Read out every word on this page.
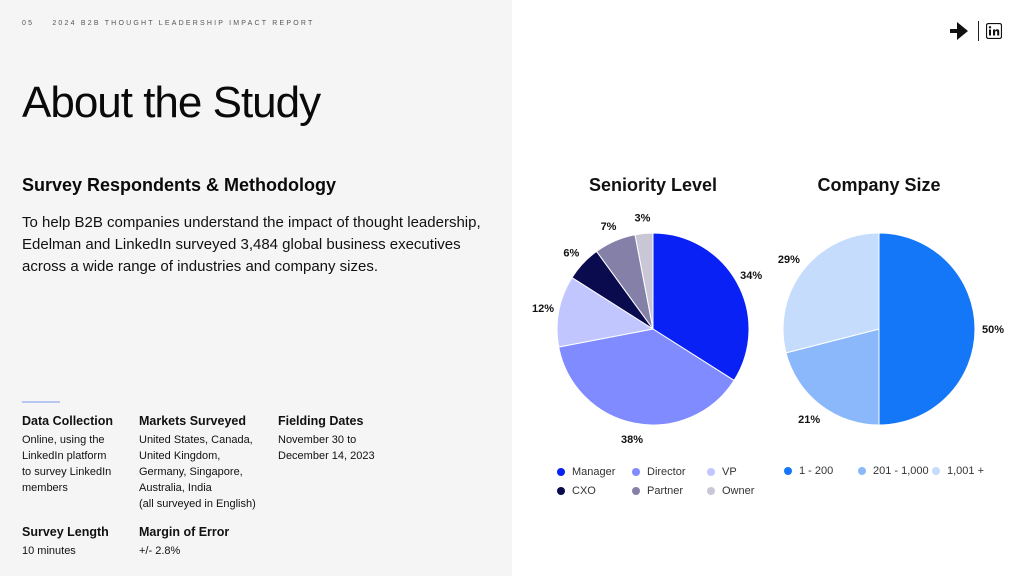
05	2024 B2B THOUGHT LEADERSHIP IMPACT REPORT
About the Study
Survey Respondents & Methodology
To help B2B companies understand the impact of thought leadership, Edelman and LinkedIn surveyed 3,484 global business executives across a wide range of industries and company sizes.
Data Collection
Online, using the
LinkedIn platform
to survey LinkedIn
members
Markets Surveyed
United States, Canada,
United Kingdom,
Germany, Singapore,
Australia, India
(all surveyed in English)
Fielding Dates
November 30 to
December 14, 2023
Survey Length
10 minutes
Margin of Error
+/- 2.8%
Seniority Level	Company Size
34%
38%
12%
6%
7%
3%
50%
21%
29%
Manager	Director	VP
CXO	Partner	Owner
1 - 200	201 - 1,000	1,001 +
